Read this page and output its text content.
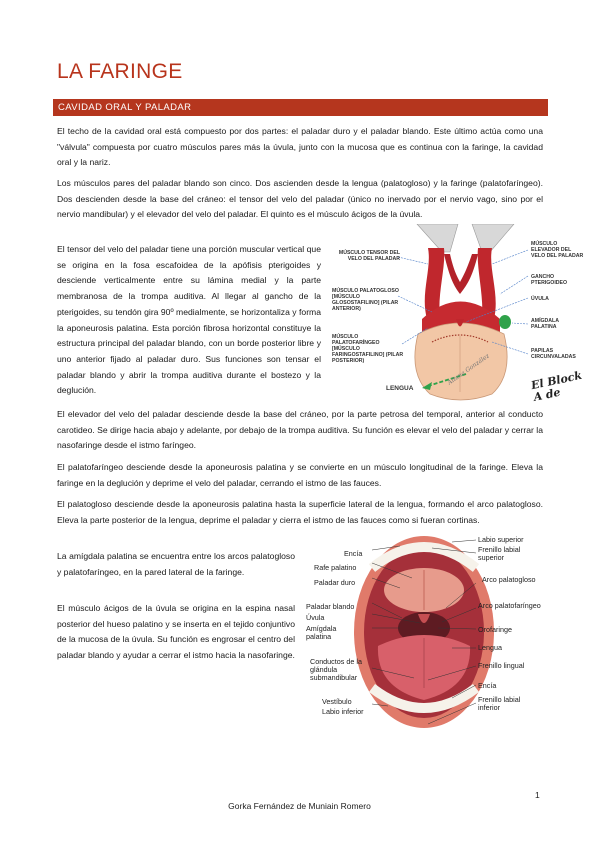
LA FARINGE
CAVIDAD ORAL Y PALADAR

El techo de la cavidad oral está compuesto por dos partes: el paladar duro y el paladar blando. Este último actúa como una "válvula" compuesta por cuatro músculos pares más la úvula, junto con la mucosa que es continua con la faringe, la cavidad oral y la nariz.

Los músculos pares del paladar blando son cinco. Dos ascienden desde la lengua (palatogloso) y la faringe (palatofaríngeo). Dos descienden desde la base del cráneo: el tensor del velo del paladar (único no inervado por el nervio vago, sino por el nervio mandibular) y el elevador del velo del paladar. El quinto es el músculo ácigos de la úvula.

El tensor del velo del paladar tiene una porción muscular vertical que se origina en la fosa escafoidea de la apófisis pterigoides y desciende verticalmente entre su lámina medial y la parte membranosa de la trompa auditiva. Al llegar al gancho de la pterigoides, su tendón gira 90º medialmente, se horizontaliza y forma la aponeurosis palatina. Esta porción fibrosa horizontal constituye la estructura principal del paladar blando, con un borde posterior libre y uno anterior fijado al paladar duro. Sus funciones son tensar el paladar blando y abrir la trompa auditiva durante el bostezo y la deglución.

MÚSCULO TENSOR DEL VELO DEL PALADAR
MÚSCULO PALATOGLOSO [MÚSCULO GLOSOSTAFILINO] (PILAR ANTERIOR)
MÚSCULO PALATOFARÍNGEO [MÚSCULO FARINGOSTAFILINO] (PILAR POSTERIOR)
LENGUA
MÚSCULO ELEVADOR DEL VELO DEL PALADAR
GANCHO PTERIGOIDEO
ÚVULA
AMÍGDALA PALATINA
PAPILAS CIRCUNVALADAS
Aitana González	El Block A de

El elevador del velo del paladar desciende desde la base del cráneo, por la parte petrosa del temporal, anterior al conducto carotideo. Se dirige hacia abajo y adelante, por debajo de la trompa auditiva. Su función es elevar el velo del paladar y cerrar la nasofaringe desde el istmo faríngeo.

El palatofaríngeo desciende desde la aponeurosis palatina y se convierte en un músculo longitudinal de la faringe. Eleva la faringe en la deglución y deprime el velo del paladar, cerrando el istmo de las fauces.

El palatogloso desciende desde la aponeurosis palatina hasta la superficie lateral de la lengua, formando el arco palatogloso. Eleva la parte posterior de la lengua, deprime el paladar y cierra el istmo de las fauces como si fueran cortinas.

La amígdala palatina se encuentra entre los arcos palatogloso y palatofaríngeo, en la pared lateral de la faringe.

El músculo ácigos de la úvula se origina en la espina nasal posterior del hueso palatino y se inserta en el tejido conjuntivo de la mucosa de la úvula. Su función es engrosar el centro del paladar blando y ayudar a cerrar el istmo hacia la nasofaringe.

Encía
Rafe palatino
Paladar duro
Paladar blando
Úvula
Amígdala palatina
Conductos de la glándula submandibular
Vestíbulo
Labio inferior
Labio superior
Frenillo labial superior
Arco palatogloso
Arco palatofaríngeo
Orofaringe
Lengua
Frenillo lingual
Encía
Frenillo labial inferior
1
Gorka Fernández de Muniain Romero
